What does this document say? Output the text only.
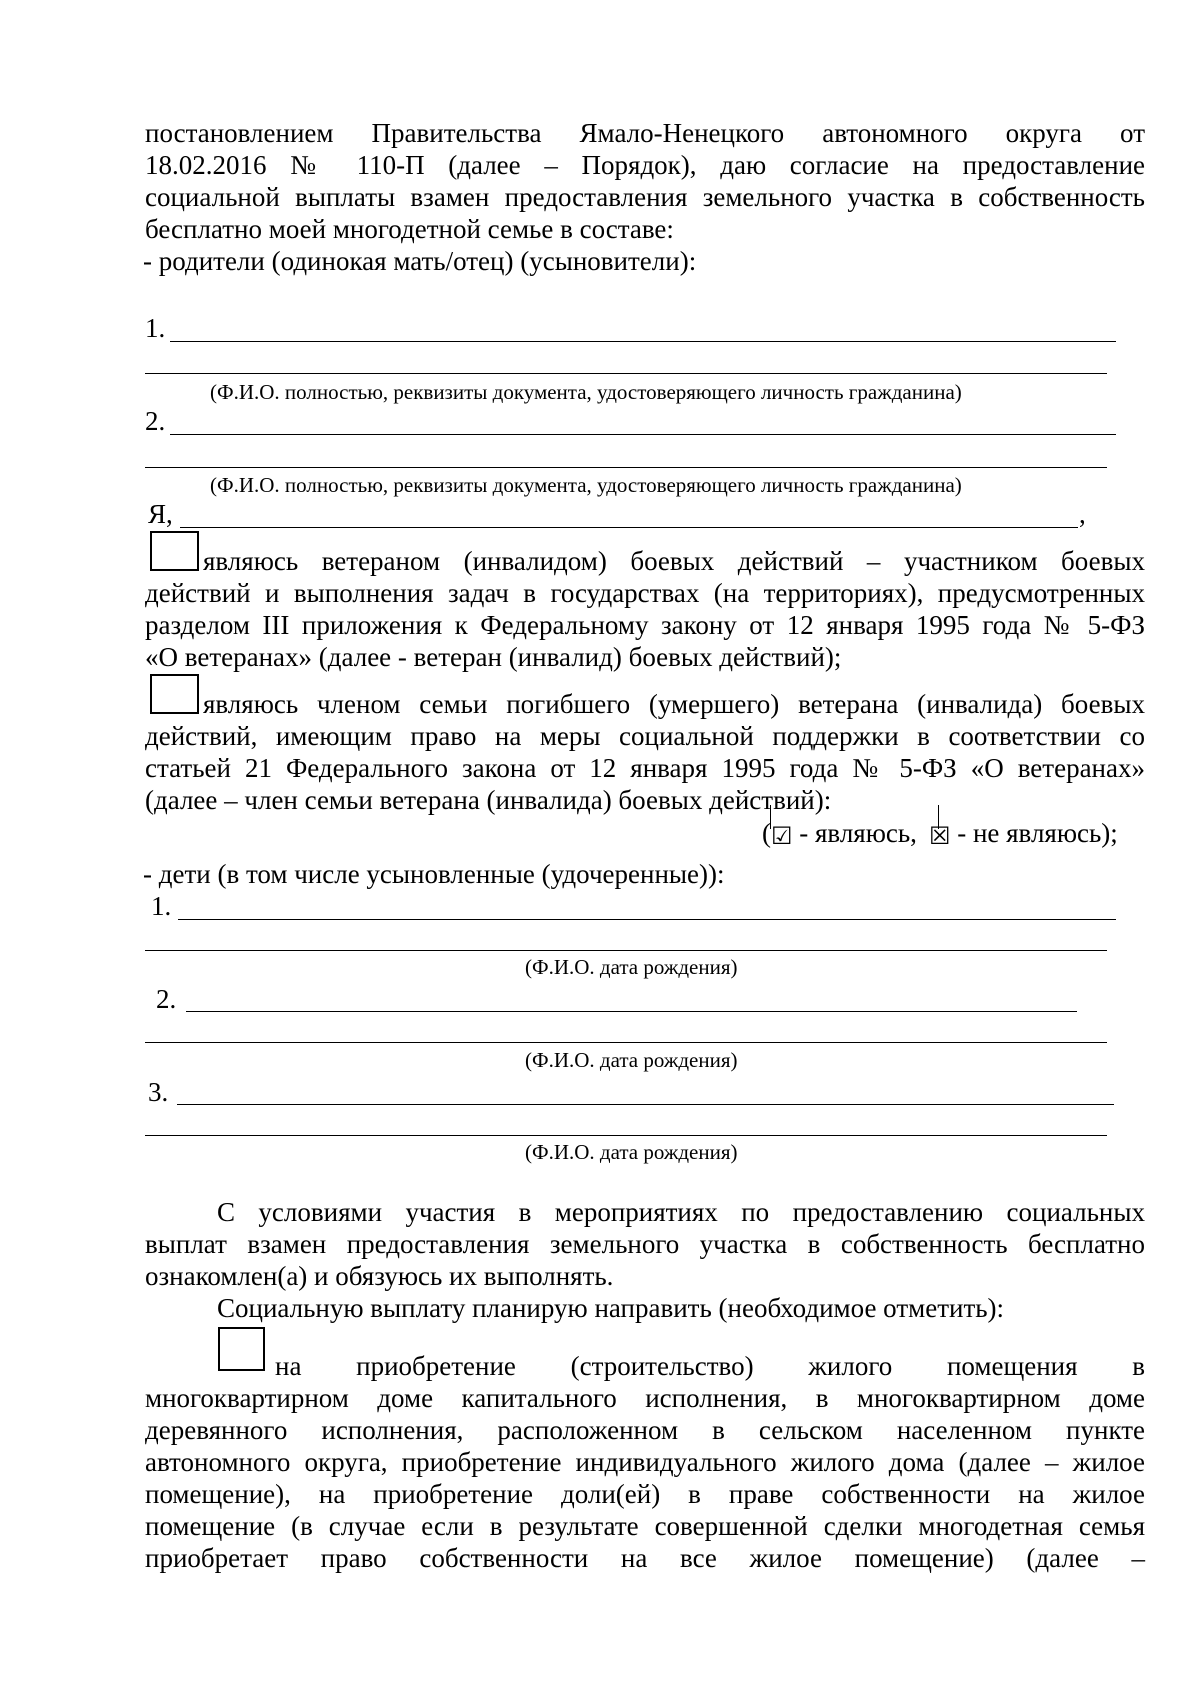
постановлением Правительства Ямало-Ненецкого автономного округа от
18.02.2016 № 110-П (далее – Порядок), даю согласие на предоставление
социальной выплаты взамен предоставления земельного участка в собственность
бесплатно моей многодетной семье в составе:
- родители (одинокая мать/отец) (усыновители):
1.
(Ф.И.О. полностью, реквизиты документа, удостоверяющего личность гражданина)
2.
(Ф.И.О. полностью, реквизиты документа, удостоверяющего личность гражданина)
Я,	,
являюсь ветераном (инвалидом) боевых действий – участником боевых
действий и выполнения задач в государствах (на территориях), предусмотренных
разделом III приложения к Федеральному закону от 12 января 1995 года № 5-ФЗ
«О ветеранах» (далее - ветеран (инвалид) боевых действий);
являюсь членом семьи погибшего (умершего) ветерана (инвалида) боевых
действий, имеющим право на меры социальной поддержки в соответствии со
статьей 21 Федерального закона от 12 января 1995 года № 5-ФЗ «О ветеранах»
(далее – член семьи ветерана (инвалида) боевых действий):
(☑ - являюсь, ☒ - не являюсь);
- дети (в том числе усыновленные (удочеренные)):
1.
(Ф.И.О. дата рождения)
2.
(Ф.И.О. дата рождения)
3.
(Ф.И.О. дата рождения)
С условиями участия в мероприятиях по предоставлению социальных
выплат взамен предоставления земельного участка в собственность бесплатно
ознакомлен(а) и обязуюсь их выполнять.
Социальную выплату планирую направить (необходимое отметить):
на приобретение (строительство) жилого помещения в
многоквартирном доме капитального исполнения, в многоквартирном доме
деревянного исполнения, расположенном в сельском населенном пункте
автономного округа, приобретение индивидуального жилого дома (далее – жилое
помещение), на приобретение доли(ей) в праве собственности на жилое
помещение (в случае если в результате совершенной сделки многодетная семья
приобретает право собственности на все жилое помещение) (далее –
